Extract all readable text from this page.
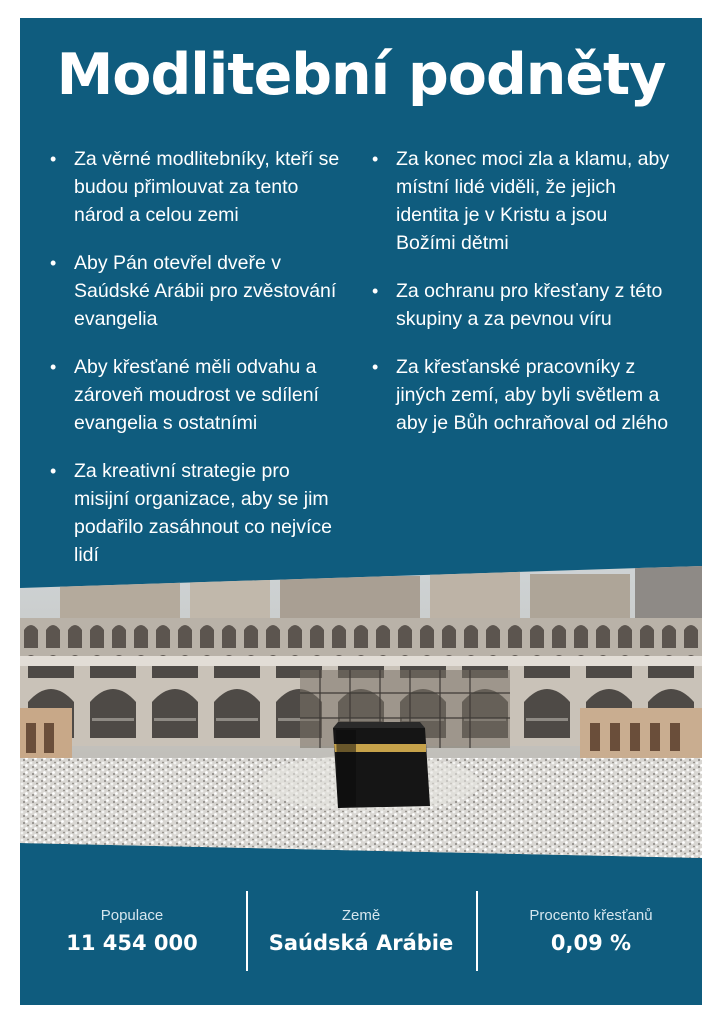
Modlitební podněty
• Za věrné modlitebníky, kteří se budou přimlouvat za tento národ a celou zemi
• Aby Pán otevřel dveře v Saúdské Arábii pro zvěstování evangelia
• Aby křesťané měli odvahu a zároveň moudrost ve sdílení evangelia s ostatními
• Za kreativní strategie pro misijní organizace, aby se jim podařilo zasáhnout co nejvíce lidí
• Za konec moci zla a klamu, aby místní lidé viděli, že jejich identita je v Kristu a jsou Božími dětmi
• Za ochranu pro křesťany z této skupiny a za pevnou víru
• Za křesťanské pracovníky z jiných zemí, aby byli světlem a aby je Bůh ochraňoval od zlého
Populace
11 454 000
Země
Saúdská Arábie
Procento křesťanů
0,09 %
